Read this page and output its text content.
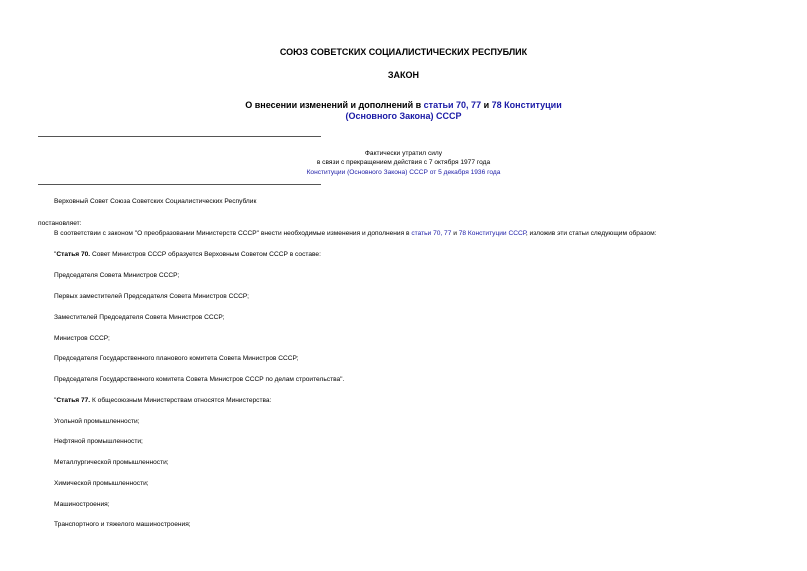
СОЮЗ СОВЕТСКИХ СОЦИАЛИСТИЧЕСКИХ РЕСПУБЛИК
ЗАКОН
О внесении изменений и дополнений в статьи 70, 77 и 78 Конституции
(Основного Закона) СССР
Фактически утратил силу
в связи с прекращением действия с 7 октября 1977 года
Конституции (Основного Закона) СССР от 5 декабря 1936 года
Верховный Совет Союза Советских Социалистических Республик
постановляет:
В соответствии с законом "О преобразовании Министерств СССР" внести необходимые изменения и дополнения в статьи 70, 77 и 78 Конституции СССР, изложив эти статьи следующим образом:
"Статья 70. Совет Министров СССР образуется Верховным Советом СССР в составе:
Председателя Совета Министров СССР;
Первых заместителей Председателя Совета Министров СССР;
Заместителей Председателя Совета Министров СССР;
Министров СССР;
Председателя Государственного планового комитета Совета Министров СССР;
Председателя Государственного комитета Совета Министров СССР по делам строительства".
"Статья 77. К общесоюзным Министерствам относятся Министерства:
Угольной промышленности;
Нефтяной промышленности;
Металлургической промышленности;
Химической промышленности;
Машиностроения;
Транспортного и тяжелого машиностроения;
